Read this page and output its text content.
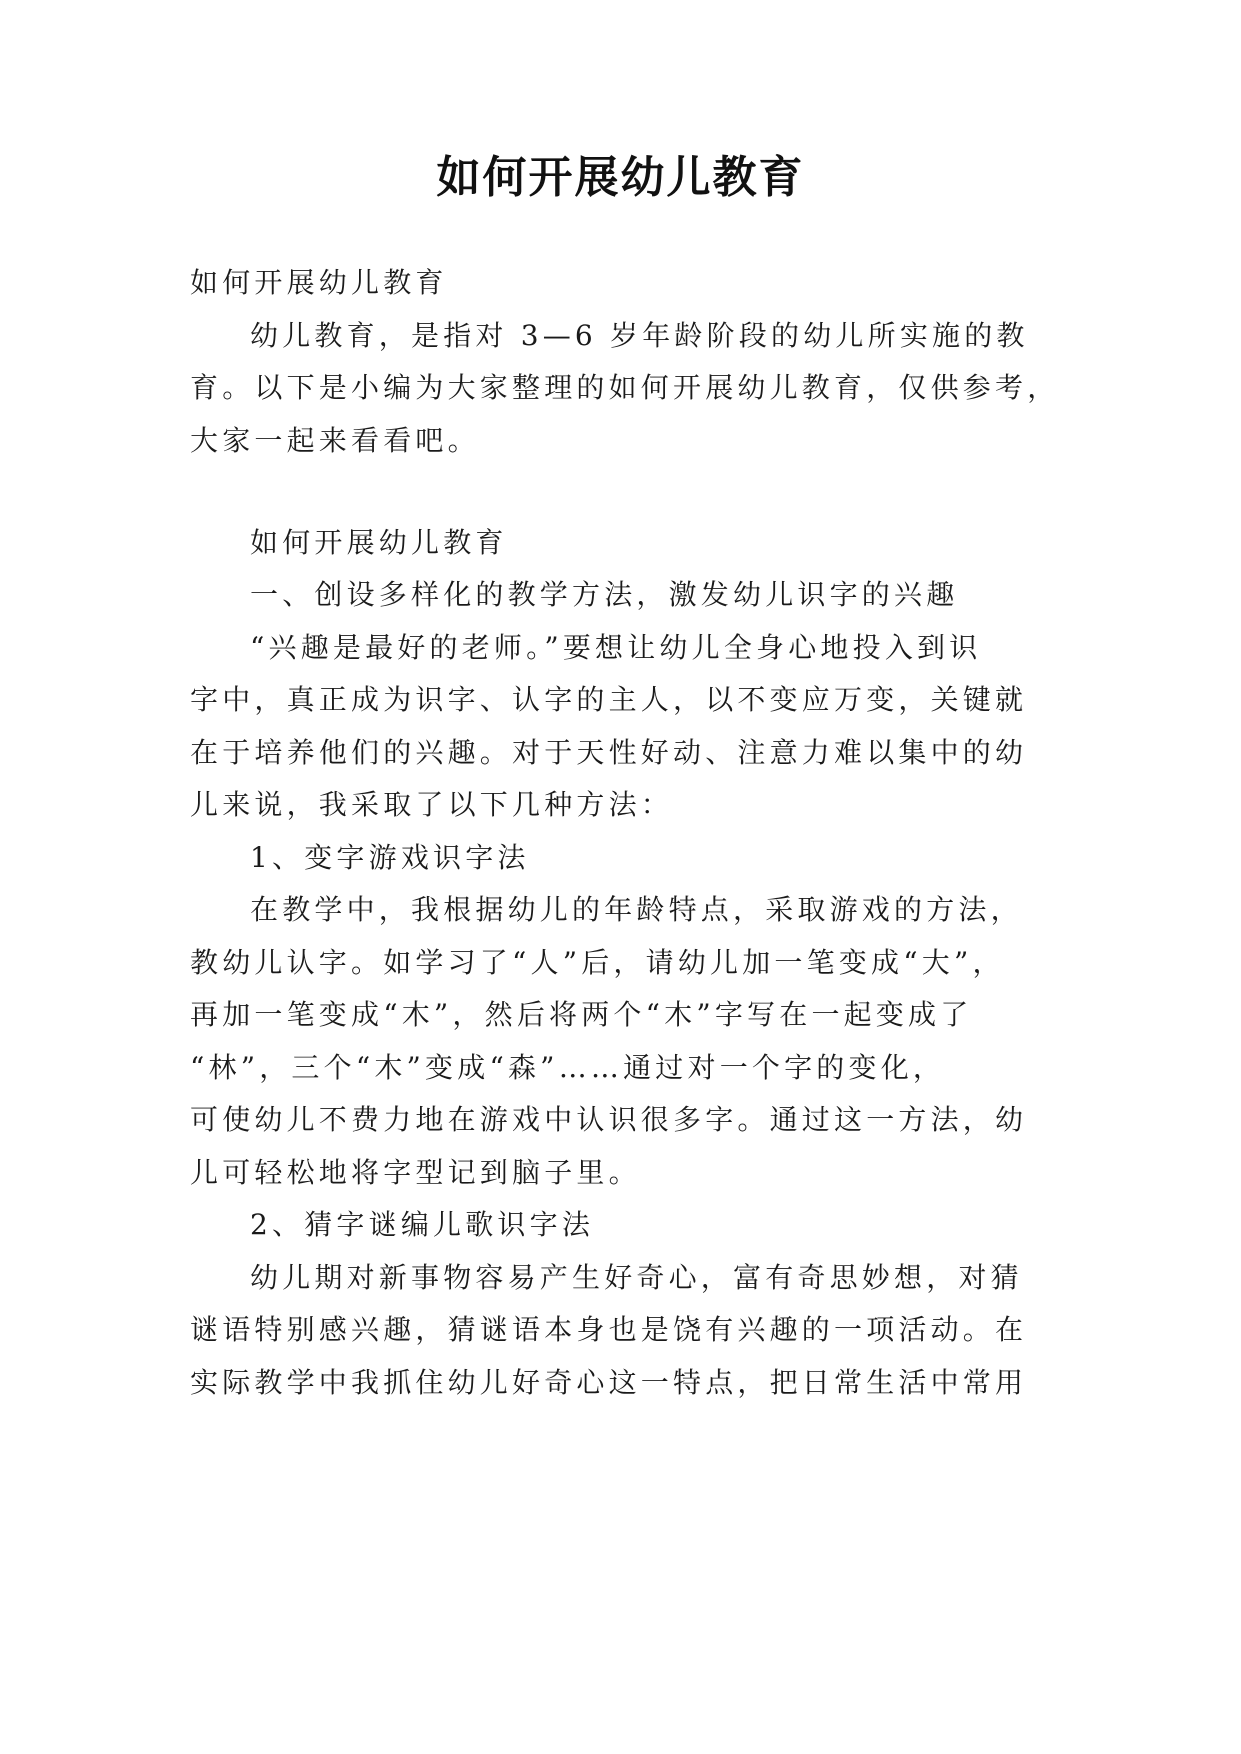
如何开展幼儿教育
如何开展幼儿教育
幼儿教育，是指对 3—6 岁年龄阶段的幼儿所实施的教
育。以下是小编为大家整理的如何开展幼儿教育，仅供参考，
大家一起来看看吧。
如何开展幼儿教育
一、创设多样化的教学方法，激发幼儿识字的兴趣
“兴趣是最好的老师。”要想让幼儿全身心地投入到识
字中，真正成为识字、认字的主人，以不变应万变，关键就
在于培养他们的兴趣。对于天性好动、注意力难以集中的幼
儿来说，我采取了以下几种方法：
1、变字游戏识字法
在教学中，我根据幼儿的年龄特点，采取游戏的方法，
教幼儿认字。如学习了“人”后，请幼儿加一笔变成“大”，
再加一笔变成“木”，然后将两个“木”字写在一起变成了
“林”，三个“木”变成“森”……通过对一个字的变化，
可使幼儿不费力地在游戏中认识很多字。通过这一方法，幼
儿可轻松地将字型记到脑子里。
2、猜字谜编儿歌识字法
幼儿期对新事物容易产生好奇心，富有奇思妙想，对猜
谜语特别感兴趣，猜谜语本身也是饶有兴趣的一项活动。在
实际教学中我抓住幼儿好奇心这一特点，把日常生活中常用
